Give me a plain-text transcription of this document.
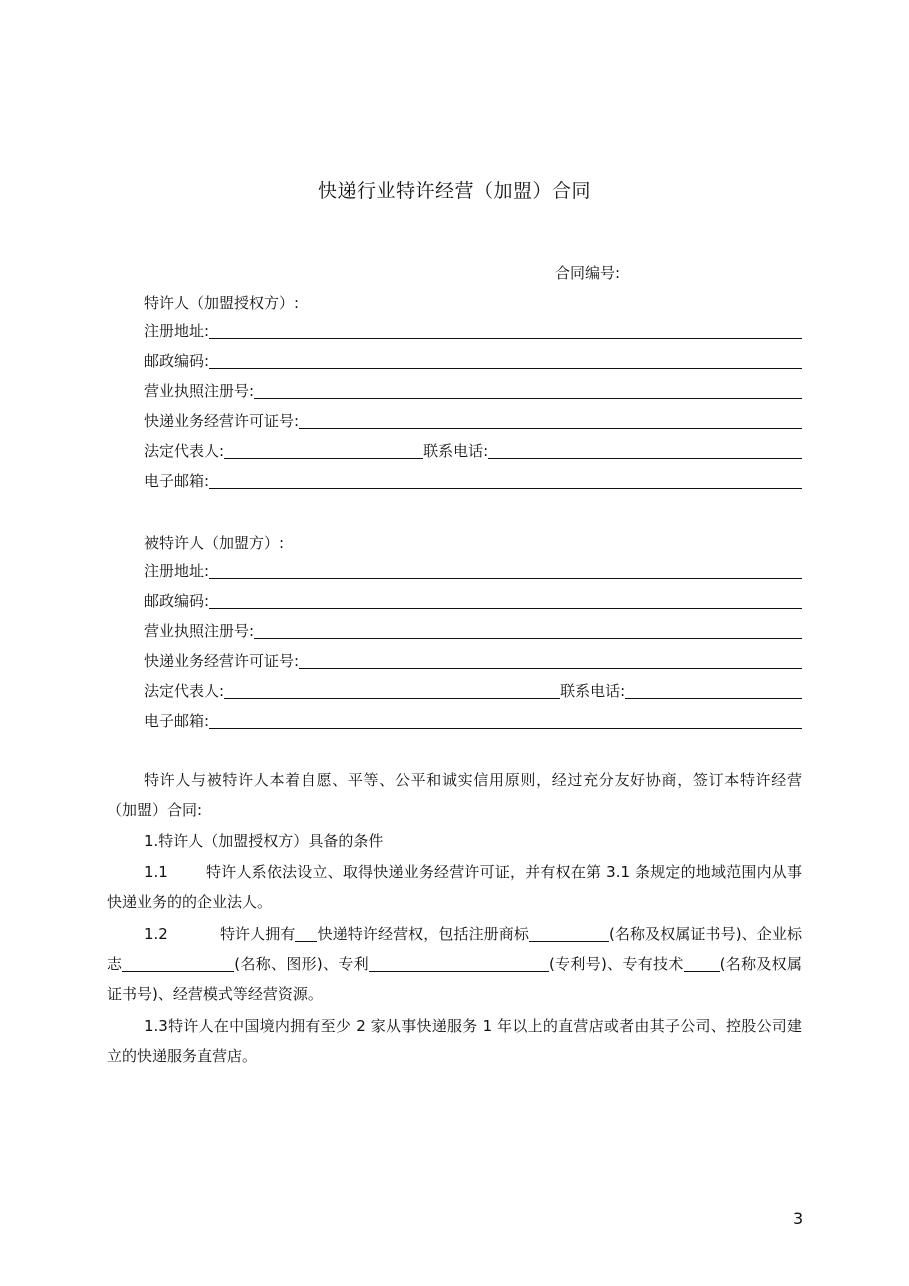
快递行业特许经营（加盟）合同
合同编号:
特许人（加盟授权方）:
注册地址:
邮政编码:
营业执照注册号:
快递业务经营许可证号:
法定代表人:	联系电话:
电子邮箱:
被特许人（加盟方）:
注册地址:
邮政编码:
营业执照注册号:
快递业务经营许可证号:
法定代表人:	联系电话:
电子邮箱:
特许人与被特许人本着自愿、平等、公平和诚实信用原则，经过充分友好协商，签订本特许经营（加盟）合同:
1.特许人（加盟授权方）具备的条件
1.1	特许人系依法设立、取得快递业务经营许可证，并有权在第 3.1 条规定的地域范围内从事快递业务的的企业法人。
1.2	特许人拥有 快递特许经营权，包括注册商标	(名称及权属证书号)、企业标志	(名称、图形)、专利	(专利号)、专有技术 (名称及权属证书号)、经营模式等经营资源。
1.3特许人在中国境内拥有至少 2 家从事快递服务 1 年以上的直营店或者由其子公司、控股公司建立的快递服务直营店。
3
